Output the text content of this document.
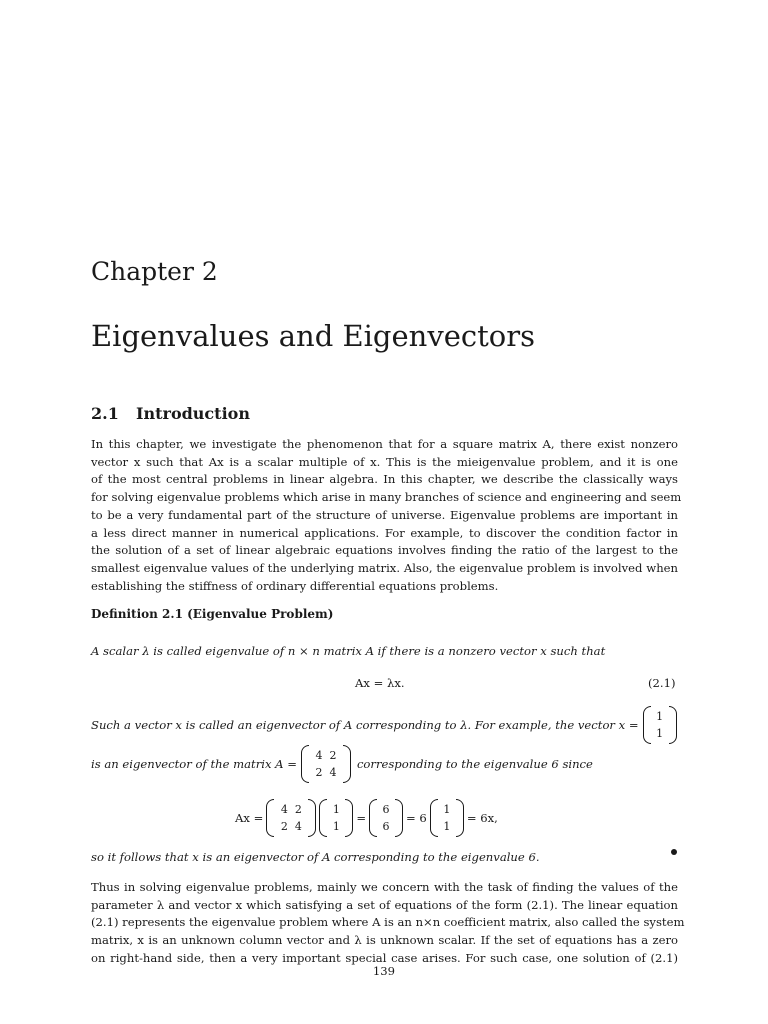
Chapter 2
Eigenvalues and Eigenvectors
2.1 Introduction
In this chapter, we investigate the phenomenon that for a square matrix A, there exist nonzero
vector x such that Ax is a scalar multiple of x. This is the mieigenvalue problem, and it is one
of the most central problems in linear algebra. In this chapter, we describe the classically ways
for solving eigenvalue problems which arise in many branches of science and engineering and seem
to be a very fundamental part of the structure of universe. Eigenvalue problems are important in
a less direct manner in numerical applications. For example, to discover the condition factor in
the solution of a set of linear algebraic equations involves finding the ratio of the largest to the
smallest eigenvalue values of the underlying matrix. Also, the eigenvalue problem is involved when
establishing the stiffness of ordinary differential equations problems.
Definition 2.1 (Eigenvalue Problem)
A scalar λ is called eigenvalue of n × n matrix A if there is a nonzero vector x such that
Ax = λx.	(2.1)
Such a vector x is called an eigenvector of A corresponding to λ. For example, the vector x =
1
1
is an eigenvector of the matrix A =
4 2
2 4
corresponding to the eigenvalue 6 since
Ax =
4 2
2 4
1
1
=
6
6
= 6
1
1
= 6x,
so it follows that x is an eigenvector of A corresponding to the eigenvalue 6.
Thus in solving eigenvalue problems, mainly we concern with the task of finding the values of the
parameter λ and vector x which satisfying a set of equations of the form (2.1). The linear equation
(2.1) represents the eigenvalue problem where A is an n×n coefficient matrix, also called the system
matrix, x is an unknown column vector and λ is unknown scalar. If the set of equations has a zero
on right-hand side, then a very important special case arises. For such case, one solution of (2.1)
139
